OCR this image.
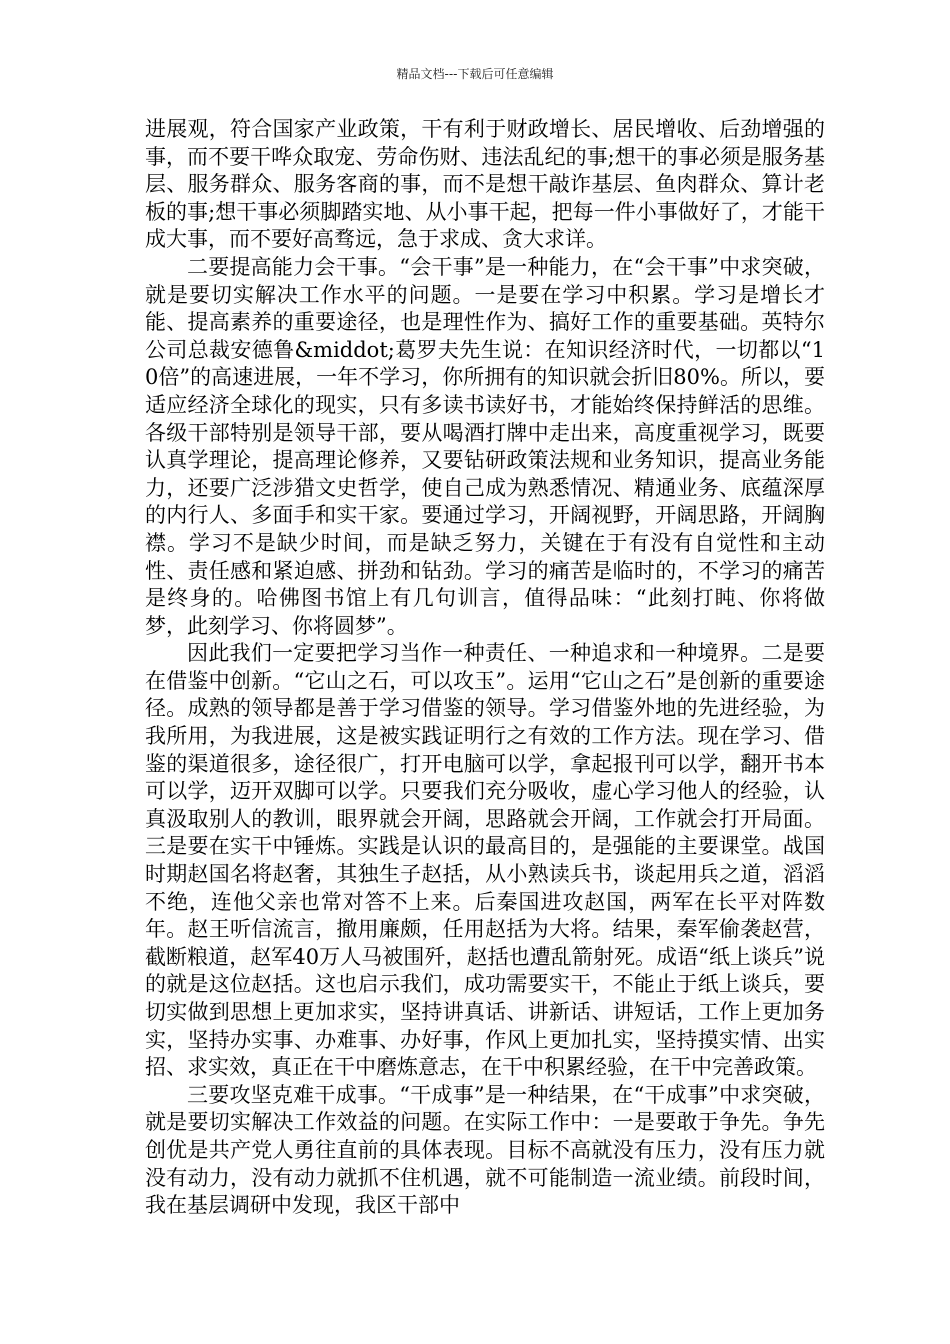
精品文档---下载后可任意编辑

进展观，符合国家产业政策，干有利于财政增长、居民增收、后劲增强的事，而不要干哗众取宠、劳命伤财、违法乱纪的事;想干的事必须是服务基层、服务群众、服务客商的事，而不是想干敲诈基层、鱼肉群众、算计老板的事;想干事必须脚踏实地、从小事干起，把每一件小事做好了，才能干成大事，而不要好高骛远，急于求成、贪大求详。

二要提高能力会干事。“会干事”是一种能力，在“会干事”中求突破，就是要切实解决工作水平的问题。一是要在学习中积累。学习是增长才能、提高素养的重要途径，也是理性作为、搞好工作的重要基础。英特尔公司总裁安德鲁&middot;葛罗夫先生说：在知识经济时代，一切都以“10倍”的高速进展，一年不学习，你所拥有的知识就会折旧80%。所以，要适应经济全球化的现实，只有多读书读好书，才能始终保持鲜活的思维。各级干部特别是领导干部，要从喝酒打牌中走出来，高度重视学习，既要认真学理论，提高理论修养，又要钻研政策法规和业务知识，提高业务能力，还要广泛涉猎文史哲学，使自己成为熟悉情况、精通业务、底蕴深厚的内行人、多面手和实干家。要通过学习，开阔视野，开阔思路，开阔胸襟。学习不是缺少时间，而是缺乏努力，关键在于有没有自觉性和主动性、责任感和紧迫感、拼劲和钻劲。学习的痛苦是临时的，不学习的痛苦是终身的。哈佛图书馆上有几句训言，值得品味：“此刻打盹、你将做梦，此刻学习、你将圆梦”。

因此我们一定要把学习当作一种责任、一种追求和一种境界。二是要在借鉴中创新。“它山之石，可以攻玉”。运用“它山之石”是创新的重要途径。成熟的领导都是善于学习借鉴的领导。学习借鉴外地的先进经验，为我所用，为我进展，这是被实践证明行之有效的工作方法。现在学习、借鉴的渠道很多，途径很广，打开电脑可以学，拿起报刊可以学，翻开书本可以学，迈开双脚可以学。只要我们充分吸收，虚心学习他人的经验，认真汲取别人的教训，眼界就会开阔，思路就会开阔，工作就会打开局面。三是要在实干中锤炼。实践是认识的最高目的，是强能的主要课堂。战国时期赵国名将赵奢，其独生子赵括，从小熟读兵书，谈起用兵之道，滔滔不绝，连他父亲也常对答不上来。后秦国进攻赵国，两军在长平对阵数年。赵王听信流言，撤用廉颇，任用赵括为大将。结果，秦军偷袭赵营，截断粮道，赵军40万人马被围歼，赵括也遭乱箭射死。成语“纸上谈兵”说的就是这位赵括。这也启示我们，成功需要实干，不能止于纸上谈兵，要切实做到思想上更加求实，坚持讲真话、讲新话、讲短话，工作上更加务实，坚持办实事、办难事、办好事，作风上更加扎实，坚持摸实情、出实招、求实效，真正在干中磨炼意志，在干中积累经验，在干中完善政策。

三要攻坚克难干成事。“干成事”是一种结果，在“干成事”中求突破，就是要切实解决工作效益的问题。在实际工作中：一是要敢于争先。争先创优是共产党人勇往直前的具体表现。目标不高就没有压力，没有压力就没有动力，没有动力就抓不住机遇，就不可能制造一流业绩。前段时间，我在基层调研中发现，我区干部中
